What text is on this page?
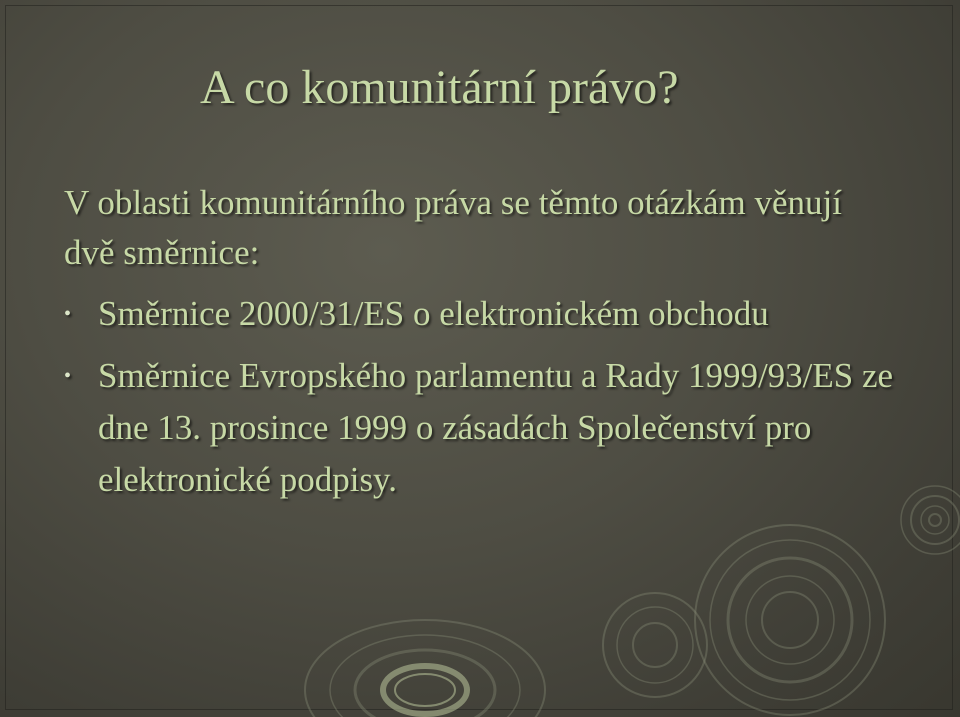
A co komunitární právo?

V oblasti komunitárního práva se těmto otázkám věnují dvě směrnice:

• Směrnice 2000/31/ES o elektronickém obchodu
• Směrnice Evropského parlamentu a Rady 1999/93/ES ze dne 13. prosince 1999 o zásadách Společenství pro elektronické podpisy.
